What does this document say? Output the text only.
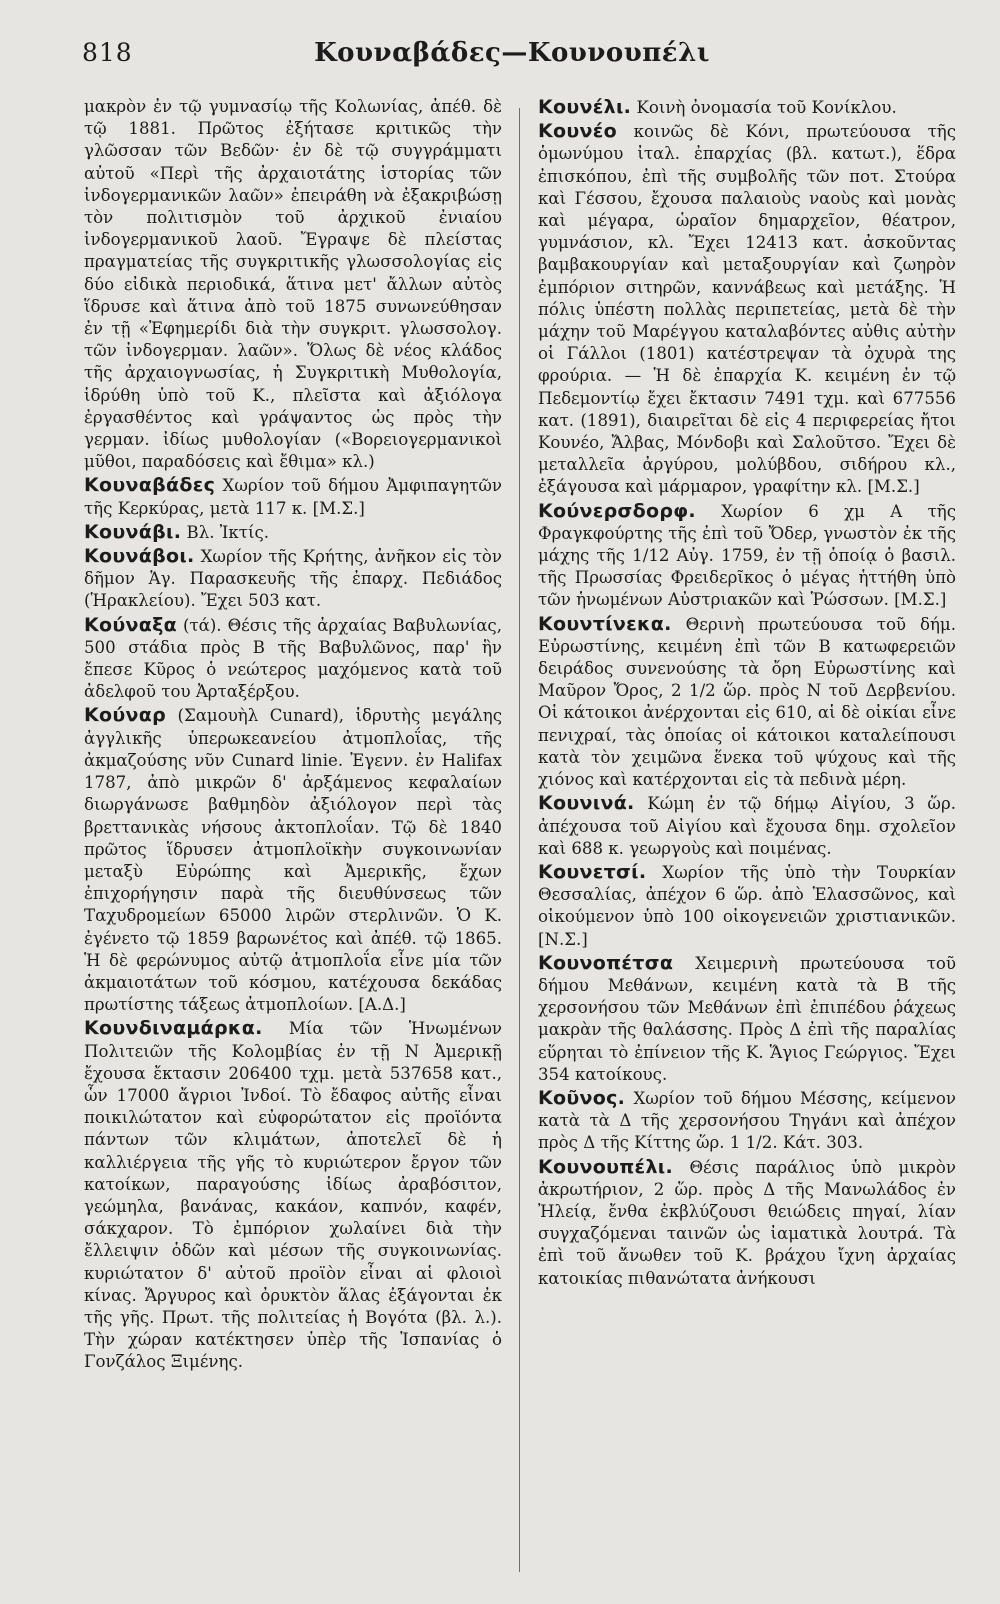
818	Κουναβάδες—Κουνουπέλι

μακρὸν ἐν τῷ γυμνασίῳ τῆς Κολωνίας, ἀπέθ. δὲ τῷ 1881. Πρῶτος ἐξήτασε κριτικῶς τὴν γλῶσσαν τῶν Βεδῶν· ἐν δὲ τῷ συγγράμματι αὐτοῦ «Περὶ τῆς ἀρχαιοτάτης ἱστορίας τῶν ἰνδογερμανικῶν λαῶν» ἐπειράθη νὰ ἐξακριβώσῃ τὸν πολιτισμὸν τοῦ ἀρχικοῦ ἐνιαίου ἰνδογερμανικοῦ λαοῦ. Ἔγραψε δὲ πλείστας πραγματείας τῆς συγκριτικῆς γλωσσολογίας εἰς δύο εἰδικὰ περιοδικά, ἅτινα μετ' ἄλλων αὐτὸς ἵδρυσε καὶ ἅτινα ἀπὸ τοῦ 1875 συνωνεύθησαν ἐν τῇ «Ἐφημερίδι διὰ τὴν συγκριτ. γλωσσολογ. τῶν ἰνδογερμαν. λαῶν». Ὅλως δὲ νέος κλάδος τῆς ἀρχαιογνωσίας, ἡ Συγκριτικὴ Μυθολογία, ἱδρύθη ὑπὸ τοῦ Κ., πλεῖστα καὶ ἀξιόλογα ἐργασθέντος καὶ γράψαντος ὡς πρὸς τὴν γερμαν. ἰδίως μυθολογίαν («Βορειογερμανικοὶ μῦθοι, παραδόσεις καὶ ἔθιμα» κλ.)

Κουναβάδες Χωρίον τοῦ δήμου Ἀμφιπαγητῶν τῆς Κερκύρας, μετὰ 117 κ. [Μ.Σ.]

Κουνάβι. Βλ. Ἰκτίς.

Κουνάβοι. Χωρίον τῆς Κρήτης, ἀνῆκον εἰς τὸν δῆμον Ἁγ. Παρασκευῆς τῆς ἐπαρχ. Πεδιάδος (Ἡρακλείου). Ἔχει 503 κατ.

Κούναξα (τά). Θέσις τῆς ἀρχαίας Βαβυλωνίας, 500 στάδια πρὸς Β τῆς Βαβυλῶνος, παρ' ἣν ἔπεσε Κῦρος ὁ νεώτερος μαχόμενος κατὰ τοῦ ἀδελφοῦ του Ἀρταξέρξου.

Κούναρ (Σαμουὴλ Cunard), ἱδρυτὴς μεγάλης ἀγγλικῆς ὑπερωκεανείου ἀτμοπλοΐας, τῆς ἀκμαζούσης νῦν Cunard linie. Ἐγενν. ἐν Halifax 1787, ἀπὸ μικρῶν δ' ἀρξάμενος κεφαλαίων διωργάνωσε βαθμηδὸν ἀξιόλογον περὶ τὰς βρεττανικὰς νήσους ἀκτοπλοΐαν. Τῷ δὲ 1840 πρῶτος ἵδρυσεν ἀτμοπλοϊκὴν συγκοινωνίαν μεταξὺ Εὐρώπης καὶ Ἀμερικῆς, ἔχων ἐπιχορήγησιν παρὰ τῆς διευθύνσεως τῶν Ταχυδρομείων 65000 λιρῶν στερλινῶν. Ὁ Κ. ἐγένετο τῷ 1859 βαρωνέτος καὶ ἀπέθ. τῷ 1865. Ἡ δὲ φερώνυμος αὐτῷ ἀτμοπλοΐα εἶνε μία τῶν ἀκμαιοτάτων τοῦ κόσμου, κατέχουσα δεκάδας πρωτίστης τάξεως ἀτμοπλοίων. [Α.Δ.]

Κουνδιναμάρκα. Μία τῶν Ἡνωμένων Πολιτειῶν τῆς Κολομβίας ἐν τῇ Ν Ἀμερικῇ ἔχουσα ἔκτασιν 206400 τχμ. μετὰ 537658 κατ., ὧν 17000 ἄγριοι Ἰνδοί. Τὸ ἔδαφος αὐτῆς εἶναι ποικιλώτατον καὶ εὐφορώτατον εἰς προϊόντα πάντων τῶν κλιμάτων, ἀποτελεῖ δὲ ἡ καλλιέργεια τῆς γῆς τὸ κυριώτερον ἔργον τῶν κατοίκων, παραγούσης ἰδίως ἀραβόσιτον, γεώμηλα, βανάνας, κακάον, καπνόν, καφέν, σάκχαρον. Τὸ ἐμπόριον χωλαίνει διὰ τὴν ἔλλειψιν ὁδῶν καὶ μέσων τῆς συγκοινωνίας. κυριώτατον δ' αὐτοῦ προϊὸν εἶναι αἱ φλοιοὶ κίνας. Ἄργυρος καὶ ὀρυκτὸν ἅλας ἐξάγονται ἐκ τῆς γῆς. Πρωτ. τῆς πολιτείας ἡ Βογότα (βλ. λ.). Τὴν χώραν κατέκτησεν ὑπὲρ τῆς Ἱσπανίας ὁ Γονζάλος Ξιμένης.

Κουνέλι. Κοινὴ ὀνομασία τοῦ Κονίκλου.

Κουνέο κοινῶς δὲ Κόνι, πρωτεύουσα τῆς ὁμωνύμου ἰταλ. ἐπαρχίας (βλ. κατωτ.), ἕδρα ἐπισκόπου, ἐπὶ τῆς συμβολῆς τῶν ποτ. Στούρα καὶ Γέσσου, ἔχουσα παλαιοὺς ναοὺς καὶ μονὰς καὶ μέγαρα, ὡραῖον δημαρχεῖον, θέατρον, γυμνάσιον, κλ. Ἔχει 12413 κατ. ἀσκοῦντας βαμβακουργίαν καὶ μεταξουργίαν καὶ ζωηρὸν ἐμπόριον σιτηρῶν, καννάβεως καὶ μετάξης. Ἡ πόλις ὑπέστη πολλὰς περιπετείας, μετὰ δὲ τὴν μάχην τοῦ Μαρέγγου καταλαβόντες αὐθις αὐτὴν οἱ Γάλλοι (1801) κατέστρεψαν τὰ ὀχυρὰ της φρούρια. — Ἡ δὲ ἐπαρχία Κ. κειμένη ἐν τῷ Πεδεμοντίῳ ἔχει ἔκτασιν 7491 τχμ. καὶ 677556 κατ. (1891), διαιρεῖται δὲ εἰς 4 περιφερείας ἤτοι Κουνέο, Ἄλβας, Μόνδοβι καὶ Σαλοῦτσο. Ἔχει δὲ μεταλλεῖα ἀργύρου, μολύβδου, σιδήρου κλ., ἐξάγουσα καὶ μάρμαρον, γραφίτην κλ. [Μ.Σ.]

Κούνερσδορφ. Χωρίον 6 χμ Α τῆς Φραγκφούρτης τῆς ἐπὶ τοῦ Ὄδερ, γνωστὸν ἐκ τῆς μάχης τῆς 1/12 Αὐγ. 1759, ἐν τῇ ὁποίᾳ ὁ βασιλ. τῆς Πρωσσίας Φρειδερῖκος ὁ μέγας ἡττήθη ὑπὸ τῶν ἡνωμένων Αὐστριακῶν καὶ Ῥώσσων. [Μ.Σ.]

Κουντίνεκα. Θερινὴ πρωτεύουσα τοῦ δήμ. Εὐρωστίνης, κειμένη ἐπὶ τῶν Β κατωφερειῶν δειράδος συνενούσης τὰ ὄρη Εὐρωστίνης καὶ Μαῦρον Ὄρος, 2 1/2 ὥρ. πρὸς Ν τοῦ Δερβενίου. Οἱ κάτοικοι ἀνέρχονται εἰς 610, αἱ δὲ οἰκίαι εἶνε πενιχραί, τὰς ὁποίας οἱ κάτοικοι καταλείπουσι κατὰ τὸν χειμῶνα ἕνεκα τοῦ ψύχους καὶ τῆς χιόνος καὶ κατέρχονται εἰς τὰ πεδινὰ μέρη.

Κουνινά. Κώμη ἐν τῷ δήμῳ Αἰγίου, 3 ὥρ. ἀπέχουσα τοῦ Αἰγίου καὶ ἔχουσα δημ. σχολεῖον καὶ 688 κ. γεωργοὺς καὶ ποιμένας.

Κουνετσί. Χωρίον τῆς ὑπὸ τὴν Τουρκίαν Θεσσαλίας, ἀπέχον 6 ὥρ. ἀπὸ Ἐλασσῶνος, καὶ οἰκούμενον ὑπὸ 100 οἰκογενειῶν χριστιανικῶν. [Ν.Σ.]

Κουνοπέτσα Χειμερινὴ πρωτεύουσα τοῦ δήμου Μεθάνων, κειμένη κατὰ τὰ Β τῆς χερσονήσου τῶν Μεθάνων ἐπὶ ἐπιπέδου ῥάχεως μακρὰν τῆς θαλάσσης. Πρὸς Δ ἐπὶ τῆς παραλίας εὕρηται τὸ ἐπίνειον τῆς Κ. Ἅγιος Γεώργιος. Ἔχει 354 κατοίκους.

Κοῦνος. Χωρίον τοῦ δήμου Μέσσης, κείμενον κατὰ τὰ Δ τῆς χερσονήσου Τηγάνι καὶ ἀπέχον πρὸς Δ τῆς Κίττης ὥρ. 1 1/2. Κάτ. 303.

Κουνουπέλι. Θέσις παράλιος ὑπὸ μικρὸν ἀκρωτήριον, 2 ὥρ. πρὸς Δ τῆς Μανωλάδος ἐν Ἠλείᾳ, ἔνθα ἐκβλύζουσι θειώδεις πηγαί, λίαν συγχαζόμεναι ταινῶν ὡς ἰαματικὰ λουτρά. Τὰ ἐπὶ τοῦ ἄνωθεν τοῦ Κ. βράχου ἴχνη ἀρχαίας κατοικίας πιθανώτατα ἀνήκουσι
